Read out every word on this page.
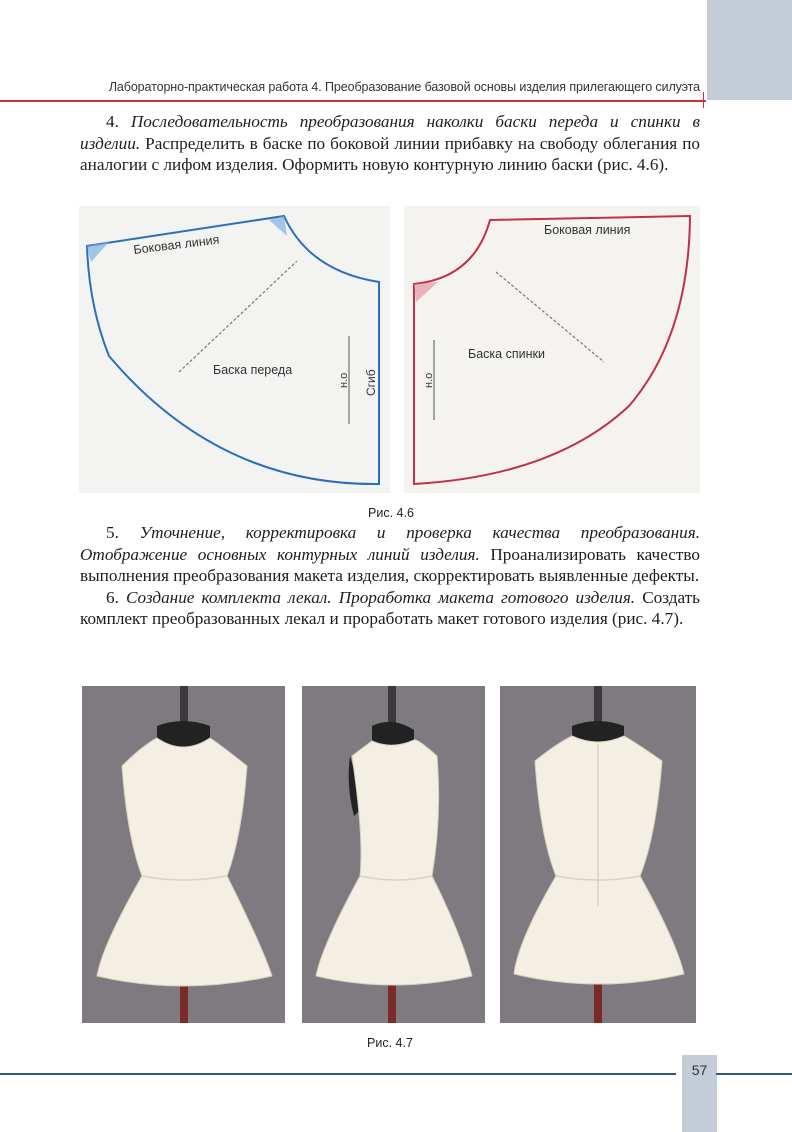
Лабораторно-практическая работа 4. Преобразование базовой основы изделия прилегающего силуэта

4. Последовательность преобразования наколки баски переда и спинки в изделии. Распределить в баске по боковой линии прибавку на свободу облегания по аналогии с лифом изделия. Оформить новую контурную линию баски (рис. 4.6).

Боковая линия
Баска переда
н.о Сгиб
Боковая линия
Баска спинки
н.о
Рис. 4.6

5. Уточнение, корректировка и проверка качества преобразования. Отображение основных контурных линий изделия. Проанализировать качество выполнения преобразования макета изделия, скорректировать выявленные дефекты.

6. Создание комплекта лекал. Проработка макета готового изделия. Создать комплект преобразованных лекал и проработать макет готового изделия (рис. 4.7).

Рис. 4.7
57
